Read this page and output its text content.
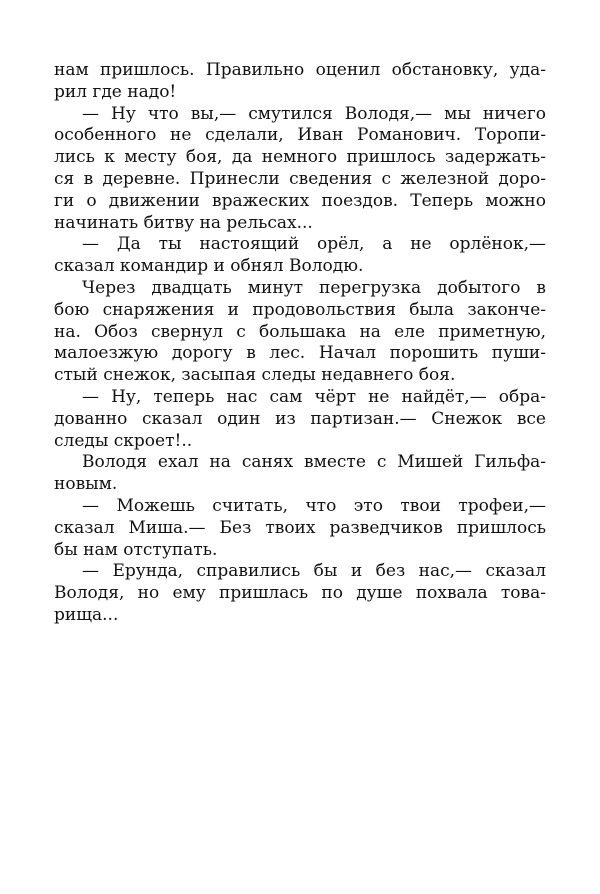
нам пришлось. Правильно оценил обстановку, уда-
рил где надо!
— Ну что вы,— смутился Володя,— мы ничего
особенного не сделали, Иван Романович. Торопи-
лись к месту боя, да немного пришлось задержать-
ся в деревне. Принесли сведения с железной доро-
ги о движении вражеских поездов. Теперь можно
начинать битву на рельсах...
— Да ты настоящий орёл, а не орлёнок,—
сказал командир и обнял Володю.
Через двадцать минут перегрузка добытого в
бою снаряжения и продовольствия была законче-
на. Обоз свернул с большака на еле приметную,
малоезжую дорогу в лес. Начал порошить пуши-
стый снежок, засыпая следы недавнего боя.
— Ну, теперь нас сам чёрт не найдёт,— обра-
дованно сказал один из партизан.— Снежок все
следы скроет!..
Володя ехал на санях вместе с Мишей Гильфа-
новым.
— Можешь считать, что это твои трофеи,—
сказал Миша.— Без твоих разведчиков пришлось
бы нам отступать.
— Ерунда, справились бы и без нас,— сказал
Володя, но ему пришлась по душе похвала това-
рища...
